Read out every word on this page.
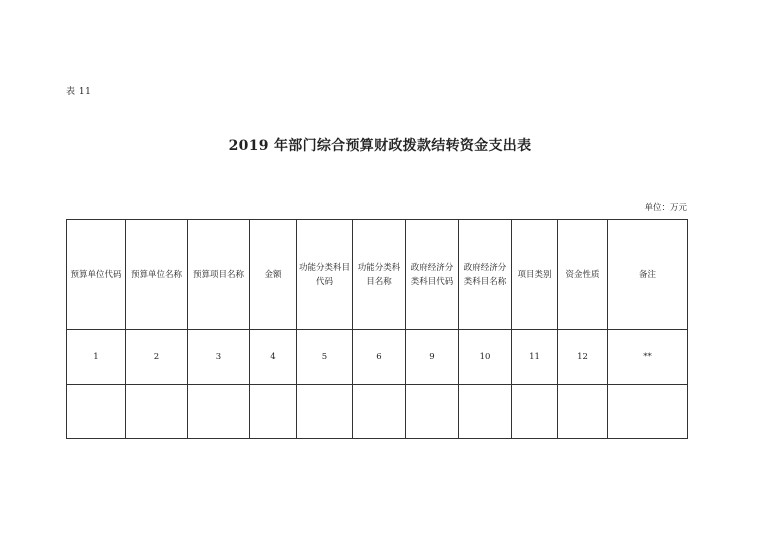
表 11
2019 年部门综合预算财政拨款结转资金支出表
单位：万元
预算单位代码	预算单位名称	预算项目名称	金额	功能分类科目代码	功能分类科目名称	政府经济分类科目代码	政府经济分类科目名称	项目类别	资金性质	备注
1	2	3	4	5	6	9	10	11	12	**
